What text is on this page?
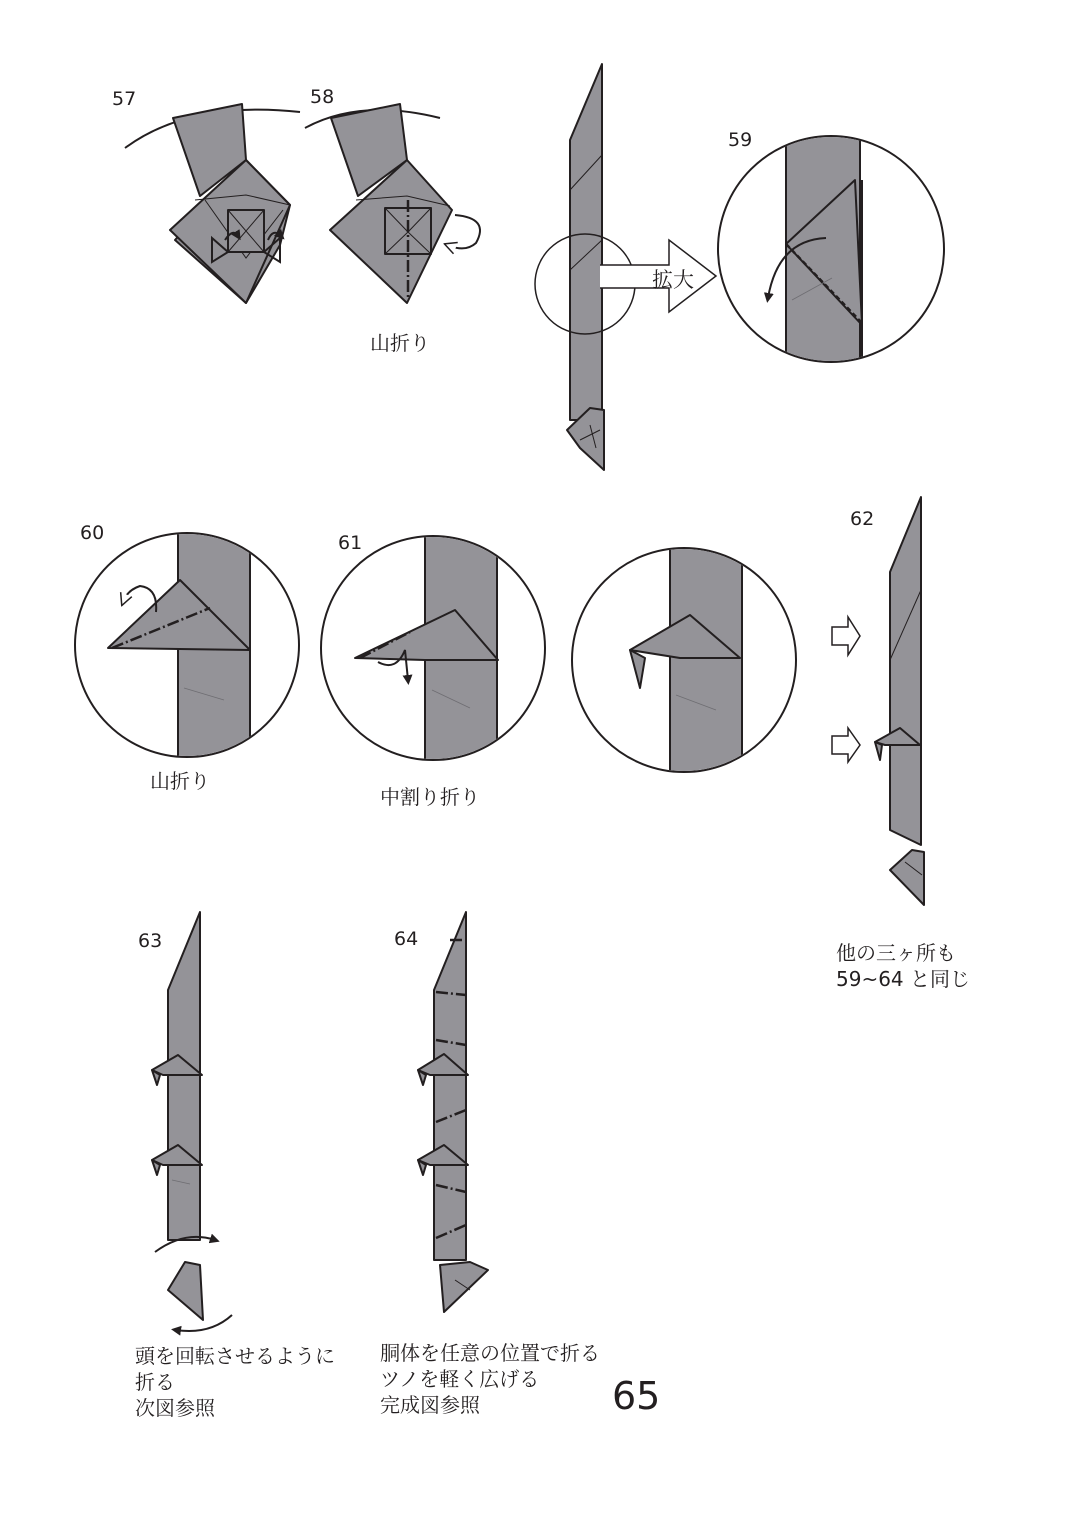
57	58
59
60	61
62
63	64
拡大
山折り
山折り
中割り折り
他の三ヶ所も
59~64 と同じ
頭を回転させるように
折る
次図参照
胴体を任意の位置で折る
ツノを軽く広げる
完成図参照	65
